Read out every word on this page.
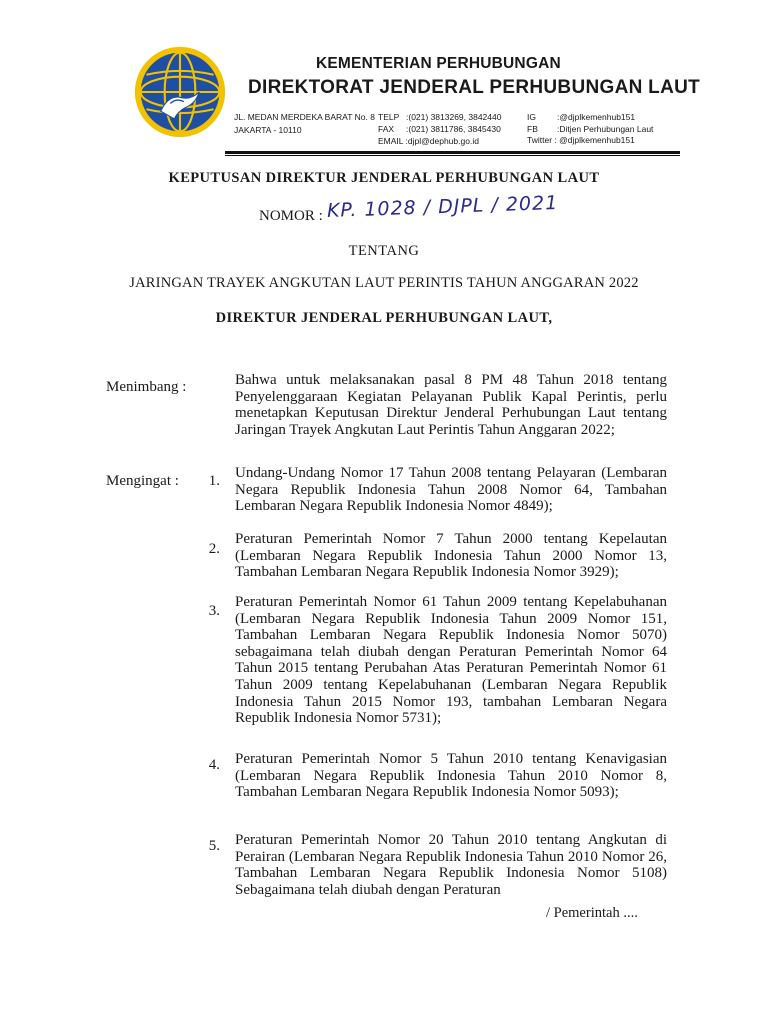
KEMENTERIAN PERHUBUNGAN
DIREKTORAT JENDERAL PERHUBUNGAN LAUT
JL. MEDAN MERDEKA BARAT No. 8
JAKARTA - 10110
TELP :(021) 3813269, 3842440
FAX :(021) 3811786, 3845430
EMAIL :djpl@dephub.go.id
IG :@djplkemenhub151
FB :Ditjen Perhubungan Laut
Twitter : @djplkemenhub151
KEPUTUSAN DIREKTUR JENDERAL PERHUBUNGAN LAUT
NOMOR : KP. 1028 / DJPL / 2021
TENTANG
JARINGAN TRAYEK ANGKUTAN LAUT PERINTIS TAHUN ANGGARAN 2022
DIREKTUR JENDERAL PERHUBUNGAN LAUT,
Menimbang :	Bahwa untuk melaksanakan pasal 8 PM 48 Tahun 2018 tentang Penyelenggaraan Kegiatan Pelayanan Publik Kapal Perintis, perlu menetapkan Keputusan Direktur Jenderal Perhubungan Laut tentang Jaringan Trayek Angkutan Laut Perintis Tahun Anggaran 2022;
Mengingat :	1. Undang-Undang Nomor 17 Tahun 2008 tentang Pelayaran (Lembaran Negara Republik Indonesia Tahun 2008 Nomor 64, Tambahan Lembaran Negara Republik Indonesia Nomor 4849);
2.
Peraturan Pemerintah Nomor 7 Tahun 2000 tentang Kepelautan (Lembaran Negara Republik Indonesia Tahun 2000 Nomor 13, Tambahan Lembaran Negara Republik Indonesia Nomor 3929);
3.
Peraturan Pemerintah Nomor 61 Tahun 2009 tentang Kepelabuhanan (Lembaran Negara Republik Indonesia Tahun 2009 Nomor 151, Tambahan Lembaran Negara Republik Indonesia Nomor 5070) sebagaimana telah diubah dengan Peraturan Pemerintah Nomor 64 Tahun 2015 tentang Perubahan Atas Peraturan Pemerintah Nomor 61 Tahun 2009 tentang Kepelabuhanan (Lembaran Negara Republik Indonesia Tahun 2015 Nomor 193, tambahan Lembaran Negara Republik Indonesia Nomor 5731);
4. Peraturan Pemerintah Nomor 5 Tahun 2010 tentang Kenavigasian (Lembaran Negara Republik Indonesia Tahun 2010 Nomor 8, Tambahan Lembaran Negara Republik Indonesia Nomor 5093);
5. Peraturan Pemerintah Nomor 20 Tahun 2010 tentang Angkutan di Perairan (Lembaran Negara Republik Indonesia Tahun 2010 Nomor 26, Tambahan Lembaran Negara Republik Indonesia Nomor 5108) Sebagaimana telah diubah dengan Peraturan
/ Pemerintah ....
